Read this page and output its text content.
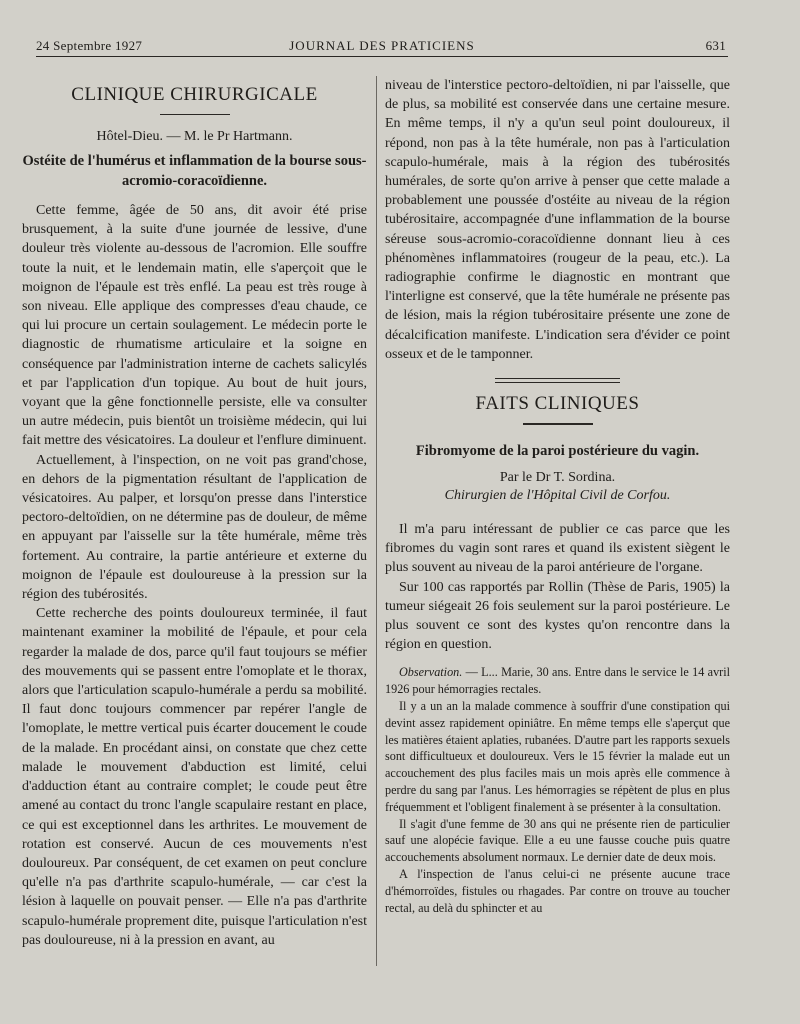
24 Septembre 1927	JOURNAL DES PRATICIENS	631
CLINIQUE CHIRURGICALE
Hôtel-Dieu. — M. le Pr Hartmann.
Ostéite de l'humérus et inflammation de la bourse sous-acromio-coracoïdienne.

Cette femme, âgée de 50 ans, dit avoir été prise brusquement, à la suite d'une journée de lessive, d'une douleur très violente au-dessous de l'acromion. Elle souffre toute la nuit, et le lendemain matin, elle s'aperçoit que le moignon de l'épaule est très enflé. La peau est très rouge à son niveau. Elle applique des compresses d'eau chaude, ce qui lui procure un certain soulagement. Le médecin porte le diagnostic de rhumatisme articulaire et la soigne en conséquence par l'administration interne de cachets salicylés et par l'application d'un topique. Au bout de huit jours, voyant que la gêne fonctionnelle persiste, elle va consulter un autre médecin, puis bientôt un troisième médecin, qui lui fait mettre des vésicatoires. La douleur et l'enflure diminuent.

Actuellement, à l'inspection, on ne voit pas grand'chose, en dehors de la pigmentation résultant de l'application de vésicatoires. Au palper, et lorsqu'on presse dans l'interstice pectoro-deltoïdien, on ne détermine pas de douleur, de même en appuyant par l'aisselle sur la tête humérale, même très fortement. Au contraire, la partie antérieure et externe du moignon de l'épaule est douloureuse à la pression sur la région des tubérosités.

Cette recherche des points douloureux terminée, il faut maintenant examiner la mobilité de l'épaule, et pour cela regarder la malade de dos, parce qu'il faut toujours se méfier des mouvements qui se passent entre l'omoplate et le thorax, alors que l'articulation scapulo-humérale a perdu sa mobilité. Il faut donc toujours commencer par repérer l'angle de l'omoplate, le mettre vertical puis écarter doucement le coude de la malade. En procédant ainsi, on constate que chez cette malade le mouvement d'abduction est limité, celui d'adduction étant au contraire complet; le coude peut être amené au contact du tronc l'angle scapulaire restant en place, ce qui est exceptionnel dans les arthrites. Le mouvement de rotation est conservé. Aucun de ces mouvements n'est douloureux. Par conséquent, de cet examen on peut conclure qu'elle n'a pas d'arthrite scapulo-humérale, — car c'est la lésion à laquelle on pouvait penser. — Elle n'a pas d'arthrite scapulo-humérale proprement dite, puisque l'articulation n'est pas douloureuse, ni à la pression en avant, au

niveau de l'interstice pectoro-deltoïdien, ni par l'aisselle, que de plus, sa mobilité est conservée dans une certaine mesure. En même temps, il n'y a qu'un seul point douloureux, il répond, non pas à la tête humérale, non pas à l'articulation scapulo-humérale, mais à la région des tubérosités humérales, de sorte qu'on arrive à penser que cette malade a probablement une poussée d'ostéite au niveau de la région tubérositaire, accompagnée d'une inflammation de la bourse séreuse sous-acromio-coracoïdienne donnant lieu à ces phénomènes inflammatoires (rougeur de la peau, etc.). La radiographie confirme le diagnostic en montrant que l'interligne est conservé, que la tête humérale ne présente pas de lésion, mais la région tubérositaire présente une zone de décalcification manifeste. L'indication sera d'évider ce point osseux et de le tamponner.

FAITS CLINIQUES
Fibromyome de la paroi postérieure du vagin.
Par le Dr T. Sordina.
Chirurgien de l'Hôpital Civil de Corfou.

Il m'a paru intéressant de publier ce cas parce que les fibromes du vagin sont rares et quand ils existent siègent le plus souvent au niveau de la paroi antérieure de l'organe.

Sur 100 cas rapportés par Rollin (Thèse de Paris, 1905) la tumeur siégeait 26 fois seulement sur la paroi postérieure. Le plus souvent ce sont des kystes qu'on rencontre dans la région en question.

Observation. — L... Marie, 30 ans. Entre dans le service le 14 avril 1926 pour hémorragies rectales.

Il y a un an la malade commence à souffrir d'une constipation qui devint assez rapidement opiniâtre. En même temps elle s'aperçut que les matières étaient aplaties, rubanées. D'autre part les rapports sexuels sont difficultueux et douloureux. Vers le 15 février la malade eut un accouchement des plus faciles mais un mois après elle commence à perdre du sang par l'anus. Les hémorragies se répètent de plus en plus fréquemment et l'obligent finalement à se présenter à la consultation.

Il s'agit d'une femme de 30 ans qui ne présente rien de particulier sauf une alopécie favique. Elle a eu une fausse couche puis quatre accouchements absolument normaux. Le dernier date de deux mois.

A l'inspection de l'anus celui-ci ne présente aucune trace d'hémorroïdes, fistules ou rhagades. Par contre on trouve au toucher rectal, au delà du sphincter et au
